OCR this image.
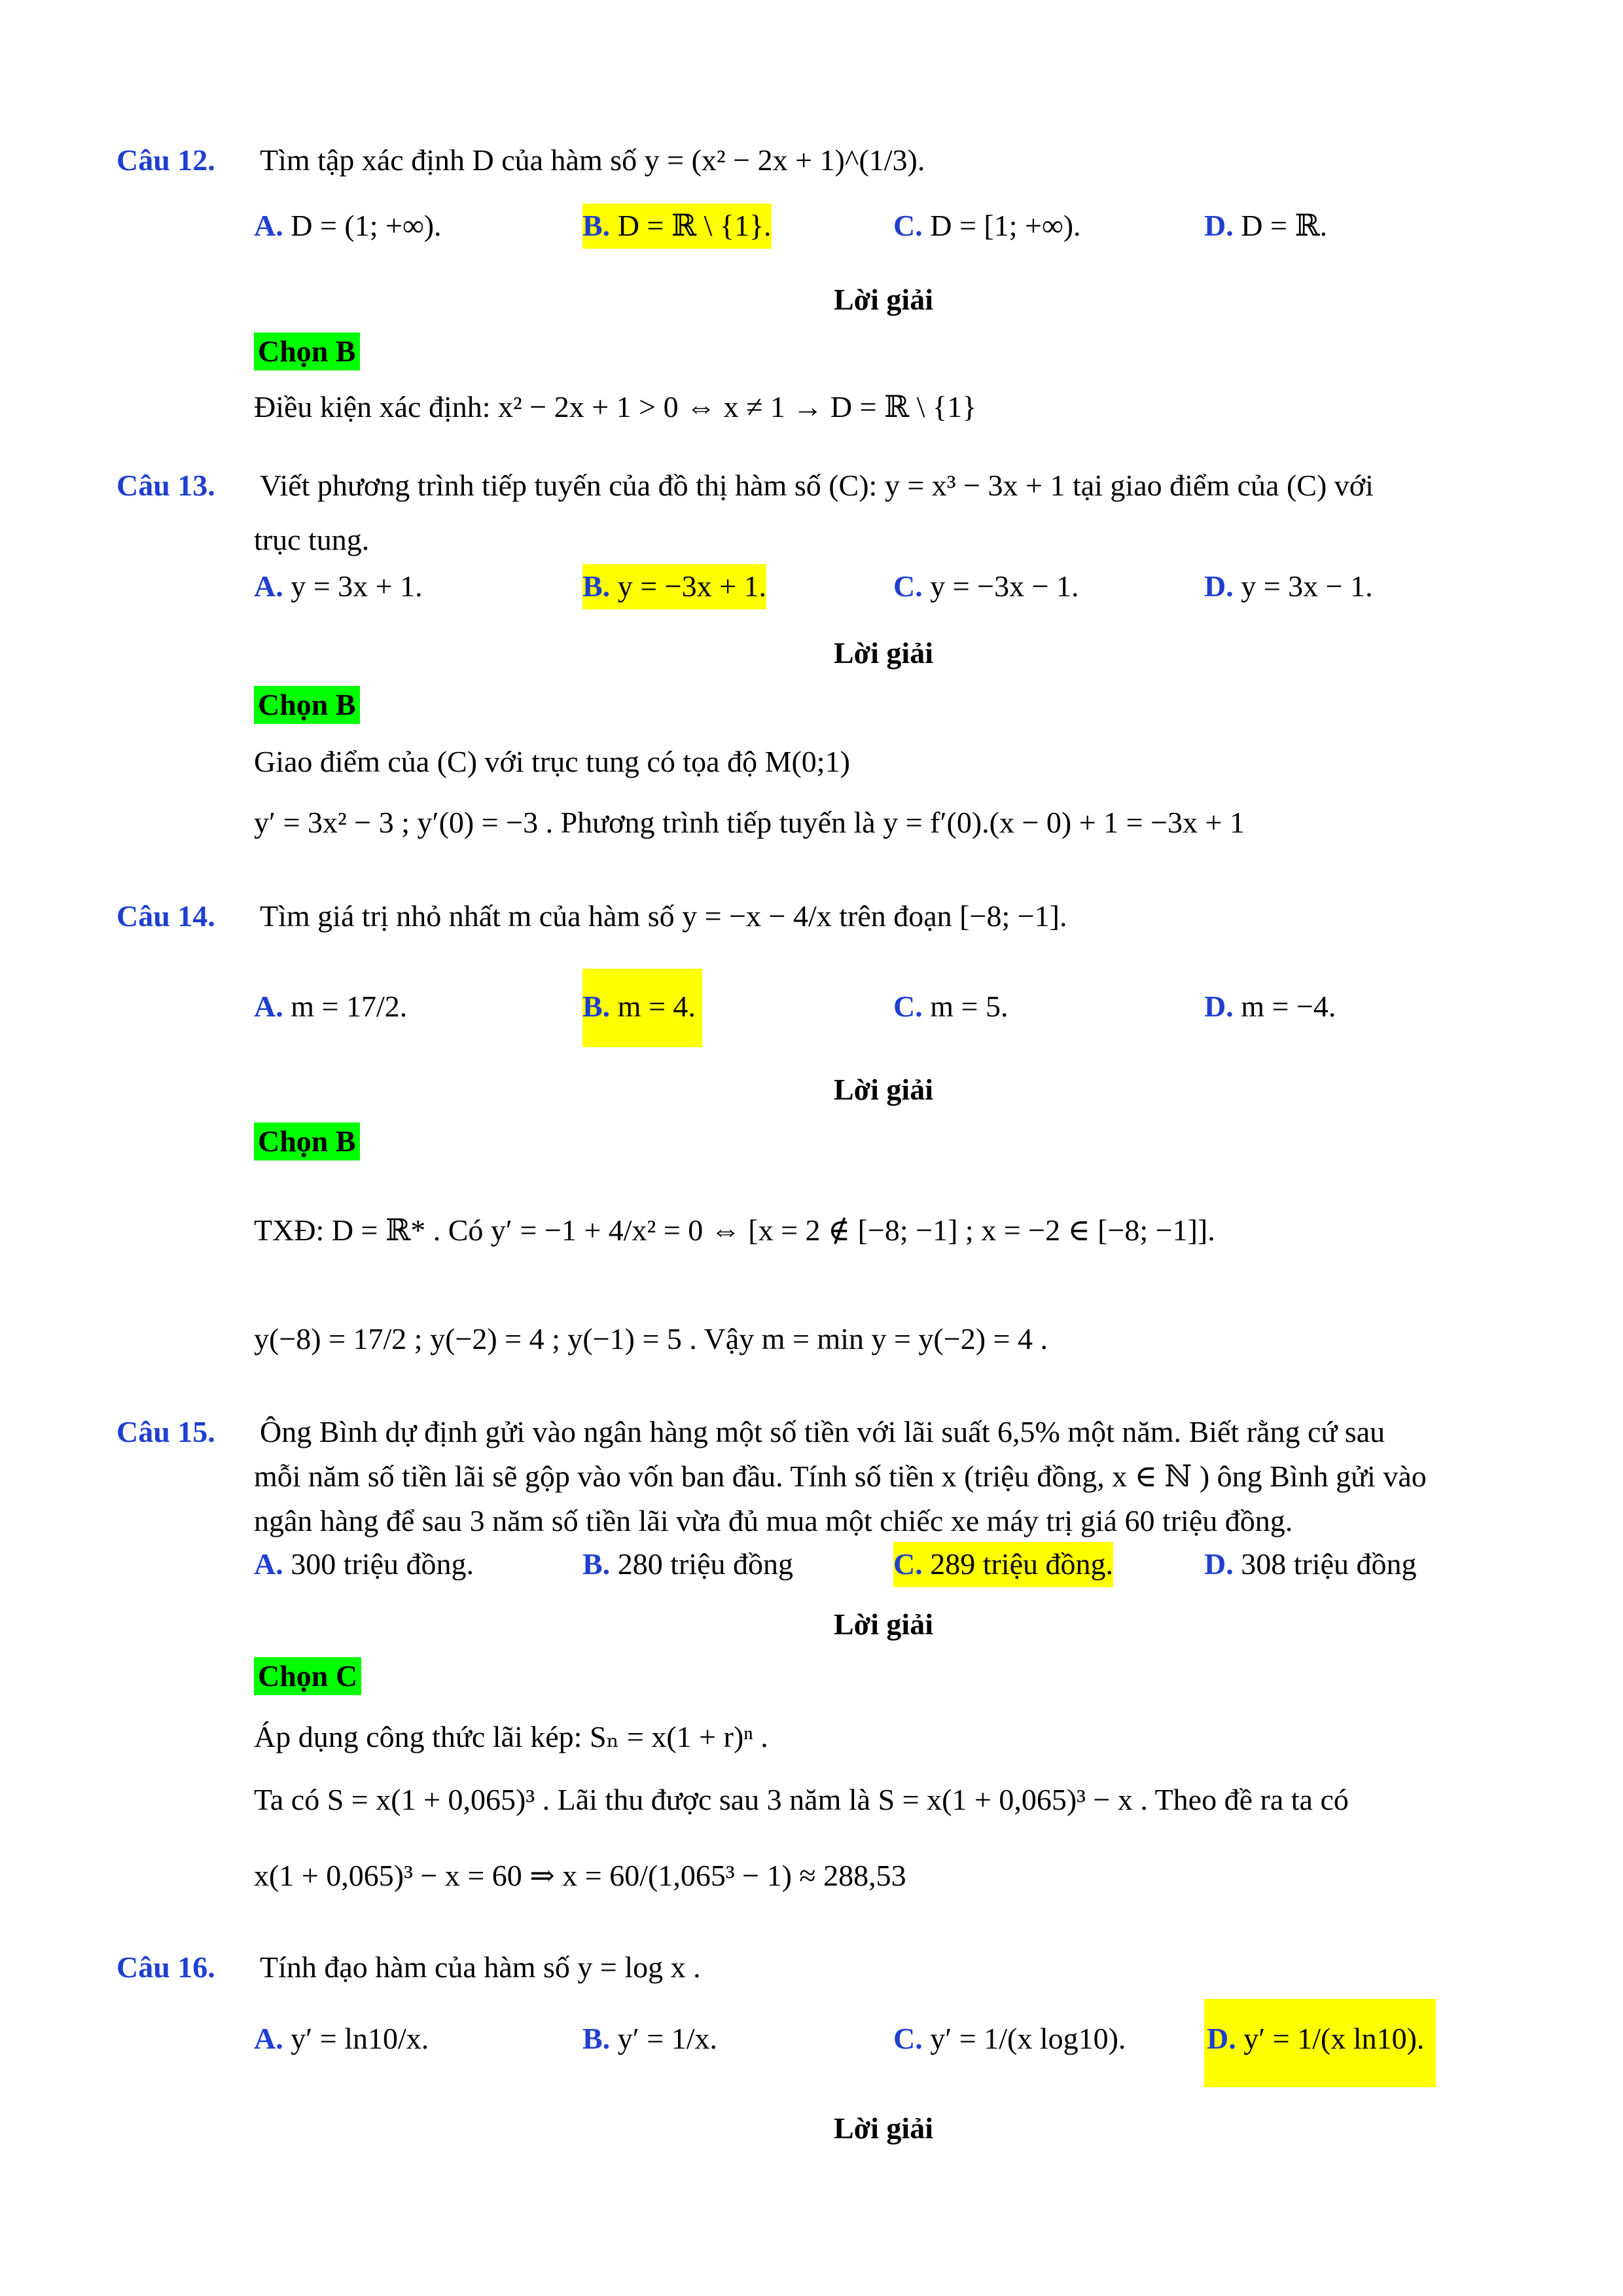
Câu 12. Tìm tập xác định D của hàm số y = (x² − 2x + 1)^(1/3).
A. D = (1; +∞).	B. D = ℝ \ {1}.	C. D = [1; +∞).	D. D = ℝ.
Lời giải
Chọn B
Điều kiện xác định: x² − 2x + 1 > 0 ⇔ x ≠ 1 → D = ℝ \ {1}
Câu 13. Viết phương trình tiếp tuyến của đồ thị hàm số (C): y = x³ − 3x + 1 tại giao điểm của (C) với
trục tung.
A. y = 3x + 1.	B. y = −3x + 1.	C. y = −3x − 1.	D. y = 3x − 1.
Lời giải
Chọn B
Giao điểm của (C) với trục tung có tọa độ M(0;1)
y′ = 3x² − 3 ; y′(0) = −3 . Phương trình tiếp tuyến là y = f′(0).(x − 0) + 1 = −3x + 1
Câu 14. Tìm giá trị nhỏ nhất m của hàm số y = −x − 4/x trên đoạn [−8; −1].
A. m = 17/2.	B. m = 4.	C. m = 5.	D. m = −4.
Lời giải
Chọn B
TXĐ: D = ℝ* . Có y′ = −1 + 4/x² = 0 ⇔ [x = 2 ∉ [−8; −1] ; x = −2 ∈ [−8; −1]].
y(−8) = 17/2 ; y(−2) = 4 ; y(−1) = 5 . Vậy m = min y = y(−2) = 4 .
Câu 15. Ông Bình dự định gửi vào ngân hàng một số tiền với lãi suất 6,5% một năm. Biết rằng cứ sau
mỗi năm số tiền lãi sẽ gộp vào vốn ban đầu. Tính số tiền x (triệu đồng, x ∈ ℕ ) ông Bình gửi vào
ngân hàng để sau 3 năm số tiền lãi vừa đủ mua một chiếc xe máy trị giá 60 triệu đồng.
A. 300 triệu đồng.	B. 280 triệu đồng	C. 289 triệu đồng.	D. 308 triệu đồng
Lời giải
Chọn C
Áp dụng công thức lãi kép: Sₙ = x(1 + r)ⁿ .
Ta có S = x(1 + 0,065)³ . Lãi thu được sau 3 năm là S = x(1 + 0,065)³ − x . Theo đề ra ta có
x(1 + 0,065)³ − x = 60 ⇒ x = 60/(1,065³ − 1) ≈ 288,53
Câu 16. Tính đạo hàm của hàm số y = log x .
A. y′ = ln10/x.	B. y′ = 1/x.	C. y′ = 1/(x log10).	D. y′ = 1/(x ln10).
Lời giải
